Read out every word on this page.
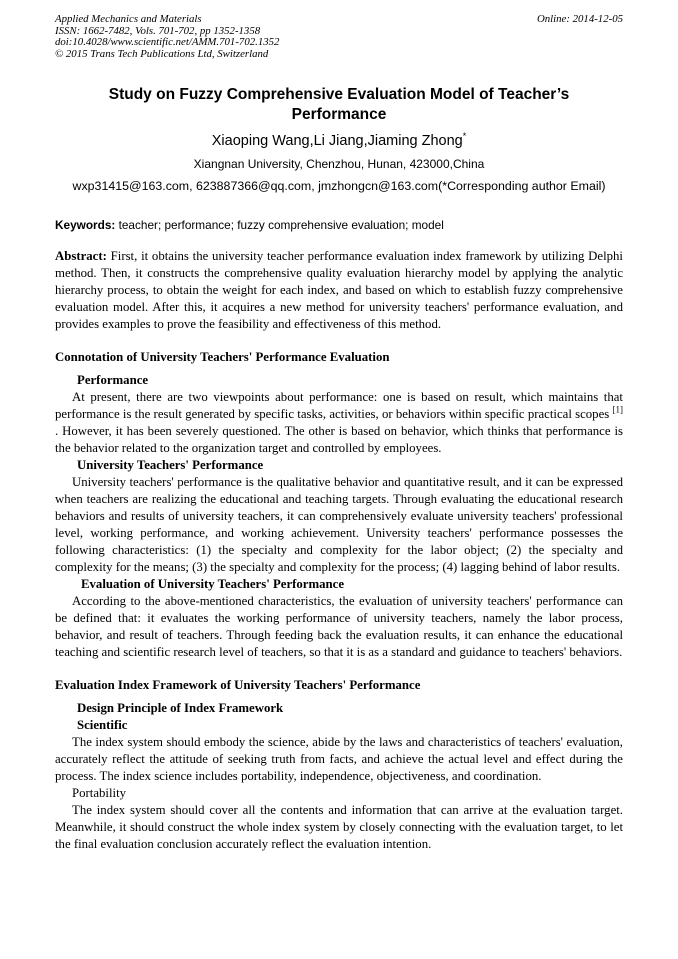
Applied Mechanics and Materials
ISSN: 1662-7482, Vols. 701-702, pp 1352-1358
doi:10.4028/www.scientific.net/AMM.701-702.1352
© 2015 Trans Tech Publications Ltd, Switzerland
Online: 2014-12-05
Study on Fuzzy Comprehensive Evaluation Model of Teacher’s Performance
Xiaoping Wang,Li Jiang,Jiaming Zhong*
Xiangnan University, Chenzhou, Hunan, 423000,China
wxp31415@163.com, 623887366@qq.com, jmzhongcn@163.com(*Corresponding author Email)

Keywords: teacher; performance; fuzzy comprehensive evaluation; model

Abstract: First, it obtains the university teacher performance evaluation index framework by utilizing Delphi method. Then, it constructs the comprehensive quality evaluation hierarchy model by applying the analytic hierarchy process, to obtain the weight for each index, and based on which to establish fuzzy comprehensive evaluation model. After this, it acquires a new method for university teachers' performance evaluation, and provides examples to prove the feasibility and effectiveness of this method.

Connotation of University Teachers' Performance Evaluation
Performance

At present, there are two viewpoints about performance: one is based on result, which maintains that performance is the result generated by specific tasks, activities, or behaviors within specific practical scopes [1] . However, it has been severely questioned. The other is based on behavior, which thinks that performance is the behavior related to the organization target and controlled by employees.

University Teachers' Performance

University teachers' performance is the qualitative behavior and quantitative result, and it can be expressed when teachers are realizing the educational and teaching targets. Through evaluating the educational research behaviors and results of university teachers, it can comprehensively evaluate university teachers' professional level, working performance, and working achievement. University teachers' performance possesses the following characteristics: (1) the specialty and complexity for the labor object; (2) the specialty and complexity for the means; (3) the specialty and complexity for the process; (4) lagging behind of labor results.

Evaluation of University Teachers' Performance

According to the above-mentioned characteristics, the evaluation of university teachers' performance can be defined that: it evaluates the working performance of university teachers, namely the labor process, behavior, and result of teachers. Through feeding back the evaluation results, it can enhance the educational teaching and scientific research level of teachers, so that it is as a standard and guidance to teachers' behaviors.

Evaluation Index Framework of University Teachers' Performance
Design Principle of Index Framework
Scientific

The index system should embody the science, abide by the laws and characteristics of teachers' evaluation, accurately reflect the attitude of seeking truth from facts, and achieve the actual level and effect during the process. The index science includes portability, independence, objectiveness, and coordination.

Portability

The index system should cover all the contents and information that can arrive at the evaluation target. Meanwhile, it should construct the whole index system by closely connecting with the evaluation target, to let the final evaluation conclusion accurately reflect the evaluation intention.
